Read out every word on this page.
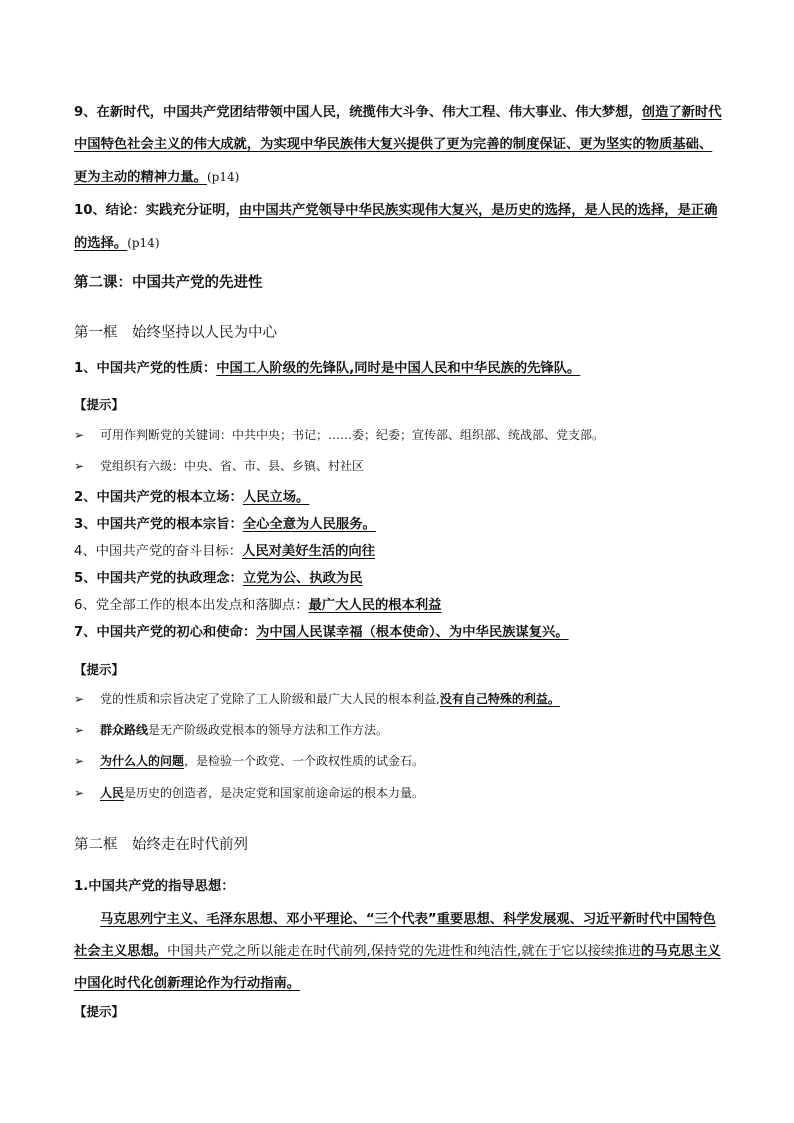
9、在新时代，中国共产党团结带领中国人民，统揽伟大斗争、伟大工程、伟大事业、伟大梦想，创造了新时代中国特色社会主义的伟大成就，为实现中华民族伟大复兴提供了更为完善的制度保证、更为坚实的物质基础、更为主动的精神力量。(p14)
10、结论：实践充分证明，由中国共产党领导中华民族实现伟大复兴，是历史的选择，是人民的选择，是正确的选择。(p14)
第二课：中国共产党的先进性
第一框　始终坚持以人民为中心
1、中国共产党的性质：中国工人阶级的先锋队,同时是中国人民和中华民族的先锋队。
【提示】
➢ 可用作判断党的关键词：中共中央；书记；……委；纪委；宣传部、组织部、统战部、党支部。
➢ 党组织有六级：中央、省、市、县、乡镇、村社区
2、中国共产党的根本立场：人民立场。
3、中国共产党的根本宗旨：全心全意为人民服务。
4、中国共产党的奋斗目标：人民对美好生活的向往
5、中国共产党的执政理念：立党为公、执政为民
6、党全部工作的根本出发点和落脚点：最广大人民的根本利益
7、中国共产党的初心和使命：为中国人民谋幸福（根本使命）、为中华民族谋复兴。
【提示】
➢ 党的性质和宗旨决定了党除了工人阶级和最广大人民的根本利益,没有自己特殊的利益。
➢ 群众路线是无产阶级政党根本的领导方法和工作方法。
➢ 为什么人的问题，是检验一个政党、一个政权性质的试金石。
➢ 人民是历史的创造者，是决定党和国家前途命运的根本力量。
第二框　始终走在时代前列
1.中国共产党的指导思想：
马克思列宁主义、毛泽东思想、邓小平理论、“三个代表”重要思想、科学发展观、习近平新时代中国特色社会主义思想。中国共产党之所以能走在时代前列,保持党的先进性和纯洁性,就在于它以接续推进的马克思主义中国化时代化创新理论作为行动指南。
【提示】
